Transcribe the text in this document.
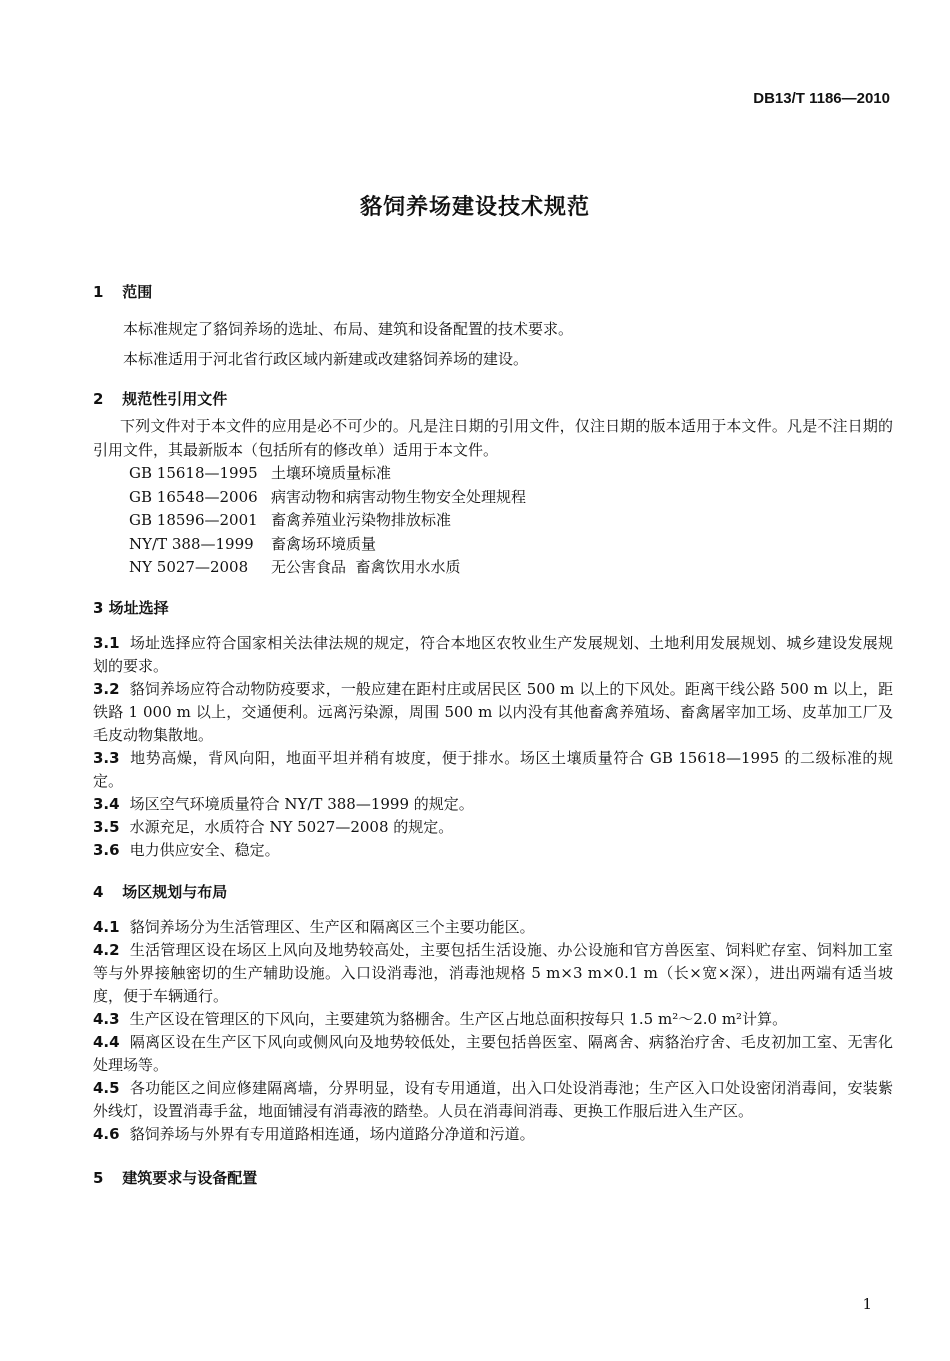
DB13/T 1186—2010
貉饲养场建设技术规范
1 范围
本标准规定了貉饲养场的选址、布局、建筑和设备配置的技术要求。
本标准适用于河北省行政区域内新建或改建貉饲养场的建设。
2 规范性引用文件
下列文件对于本文件的应用是必不可少的。凡是注日期的引用文件，仅注日期的版本适用于本文件。凡是不注日期的引用文件，其最新版本（包括所有的修改单）适用于本文件。
GB 15618—1995 土壤环境质量标准
GB 16548—2006 病害动物和病害动物生物安全处理规程
GB 18596—2001 畜禽养殖业污染物排放标准
NY/T 388—1999 畜禽场环境质量
NY 5027—2008 无公害食品  畜禽饮用水水质
3 场址选择
3.1 场址选择应符合国家相关法律法规的规定，符合本地区农牧业生产发展规划、土地利用发展规划、城乡建设发展规划的要求。
3.2 貉饲养场应符合动物防疫要求，一般应建在距村庄或居民区 500 m 以上的下风处。距离干线公路 500 m 以上，距铁路 1 000 m 以上，交通便利。远离污染源，周围 500 m 以内没有其他畜禽养殖场、畜禽屠宰加工场、皮革加工厂及毛皮动物集散地。
3.3 地势高燥，背风向阳，地面平坦并稍有坡度，便于排水。场区土壤质量符合 GB 15618—1995 的二级标准的规定。
3.4 场区空气环境质量符合 NY/T 388—1999 的规定。
3.5 水源充足，水质符合 NY 5027—2008 的规定。
3.6 电力供应安全、稳定。
4 场区规划与布局
4.1 貉饲养场分为生活管理区、生产区和隔离区三个主要功能区。
4.2 生活管理区设在场区上风向及地势较高处，主要包括生活设施、办公设施和官方兽医室、饲料贮存室、饲料加工室等与外界接触密切的生产辅助设施。入口设消毒池，消毒池规格 5 m×3 m×0.1 m（长×宽×深），进出两端有适当坡度，便于车辆通行。
4.3 生产区设在管理区的下风向，主要建筑为貉棚舍。生产区占地总面积按每只 1.5 m²～2.0 m²计算。
4.4 隔离区设在生产区下风向或侧风向及地势较低处，主要包括兽医室、隔离舍、病貉治疗舍、毛皮初加工室、无害化处理场等。
4.5 各功能区之间应修建隔离墙，分界明显，设有专用通道，出入口处设消毒池；生产区入口处设密闭消毒间，安装紫外线灯，设置消毒手盆，地面铺浸有消毒液的踏垫。人员在消毒间消毒、更换工作服后进入生产区。
4.6 貉饲养场与外界有专用道路相连通，场内道路分净道和污道。
5 建筑要求与设备配置
1
